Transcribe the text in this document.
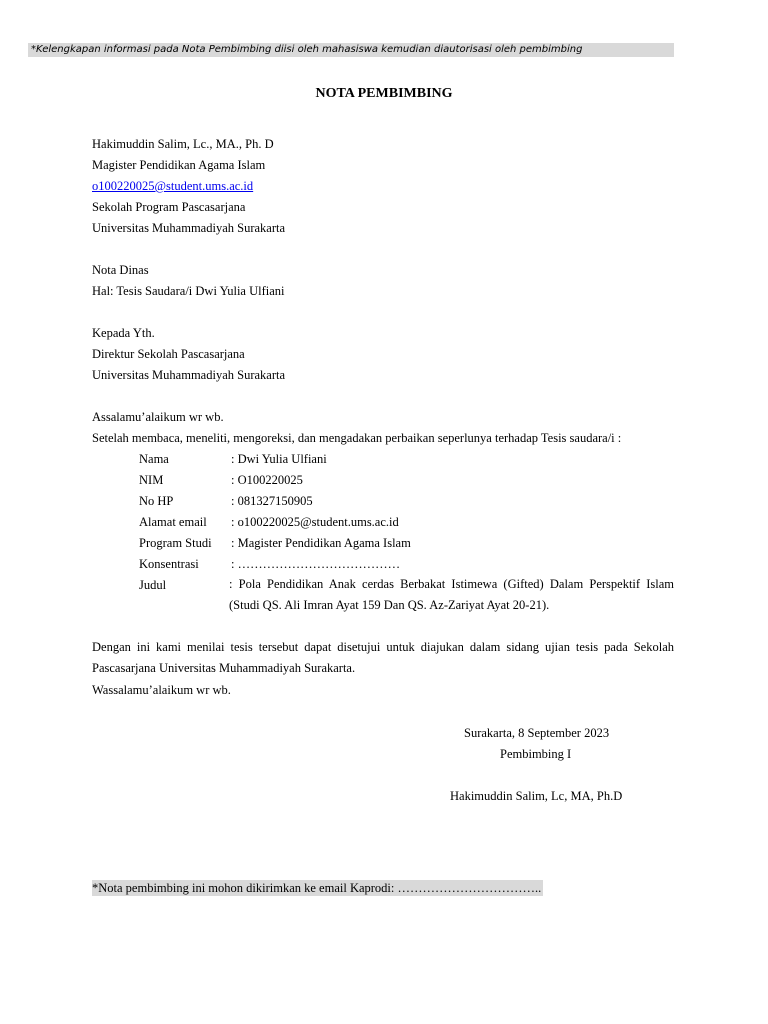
*Kelengkapan informasi pada Nota Pembimbing diisi oleh mahasiswa kemudian diautorisasi oleh pembimbing
NOTA PEMBIMBING
Hakimuddin Salim, Lc., MA., Ph. D
Magister Pendidikan Agama Islam
o100220025@student.ums.ac.id
Sekolah Program Pascasarjana
Universitas Muhammadiyah Surakarta
Nota Dinas
Hal: Tesis Saudara/i Dwi Yulia Ulfiani
Kepada Yth.
Direktur Sekolah Pascasarjana
Universitas Muhammadiyah Surakarta
Assalamu’alaikum wr wb.
Setelah membaca, meneliti, mengoreksi, dan mengadakan perbaikan seperlunya terhadap Tesis saudara/i :
Nama	: Dwi Yulia Ulfiani
NIM	: O100220025
No HP	: 081327150905
Alamat email : o100220025@student.ums.ac.id
Program Studi : Magister Pendidikan Agama Islam
Konsentrasi	: …………………………………
Judul	: Pola Pendidikan Anak cerdas Berbakat Istimewa (Gifted) Dalam Perspektif Islam (Studi QS. Ali Imran Ayat 159 Dan QS. Az-Zariyat Ayat 20-21).
Dengan ini kami menilai tesis tersebut dapat disetujui untuk diajukan dalam sidang ujian tesis pada Sekolah Pascasarjana Universitas Muhammadiyah Surakarta.
Wassalamu’alaikum wr wb.
Surakarta, 8 September 2023
Pembimbing I
Hakimuddin Salim, Lc, MA, Ph.D
*Nota pembimbing ini mohon dikirimkan ke email Kaprodi: ……………………………..
